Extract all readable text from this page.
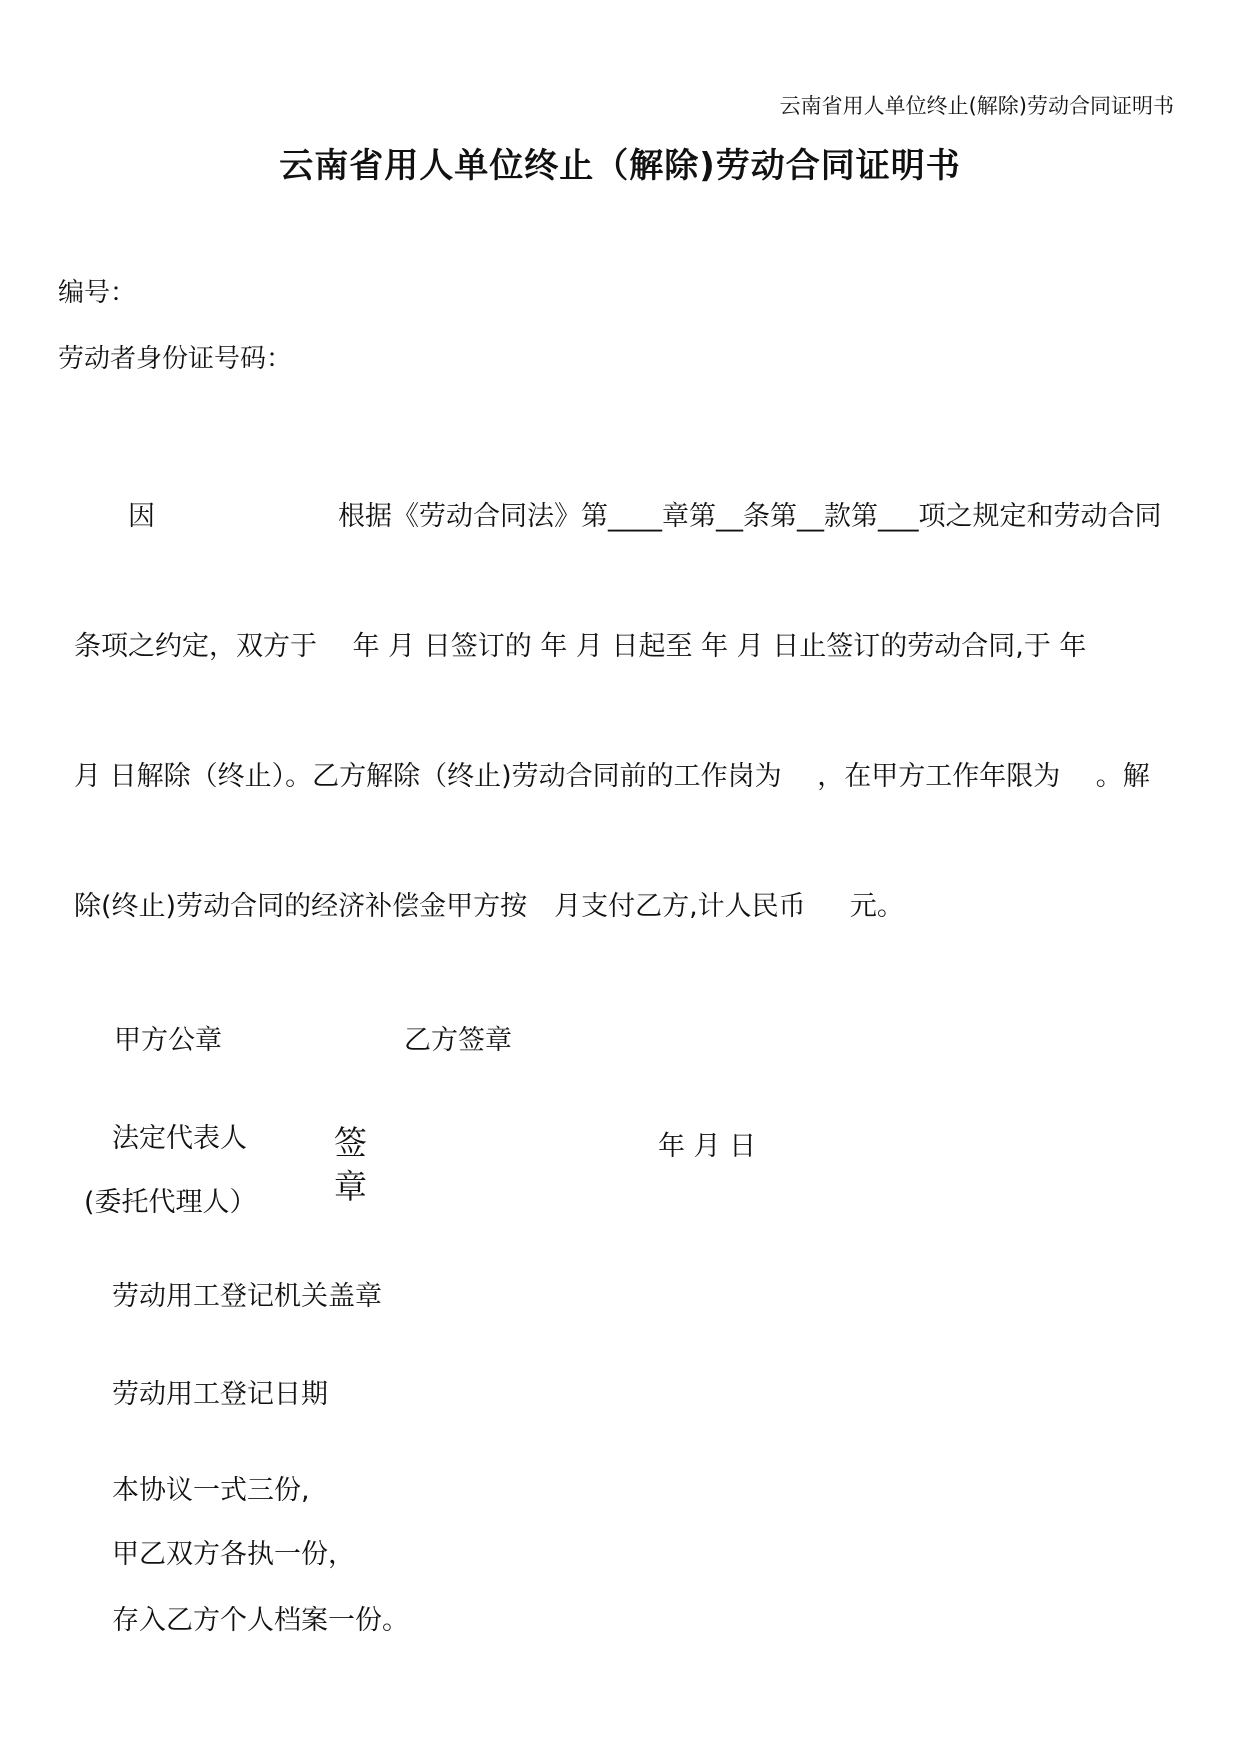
云南省用人单位终止(解除)劳动合同证明书
云南省用人单位终止（解除)劳动合同证明书
编号：
劳动者身份证号码：
因	根据《劳动合同法》第____章第__条第__款第___项之规定和劳动合同
条项之约定，双方于　 年 月 日签订的 年 月 日起至 年 月 日止签订的劳动合同,于 年
月 日解除（终止）。乙方解除（终止)劳动合同前的工作岗为 　，在甲方工作年限为　 。解
除(终止)劳动合同的经济补偿金甲方按　月支付乙方,计人民币 　 元。
甲方公章	乙方签章
法定代表人
(委托代理人）
签
章
年 月 日
劳动用工登记机关盖章
劳动用工登记日期
本协议一式三份,
甲乙双方各执一份，
存入乙方个人档案一份。
